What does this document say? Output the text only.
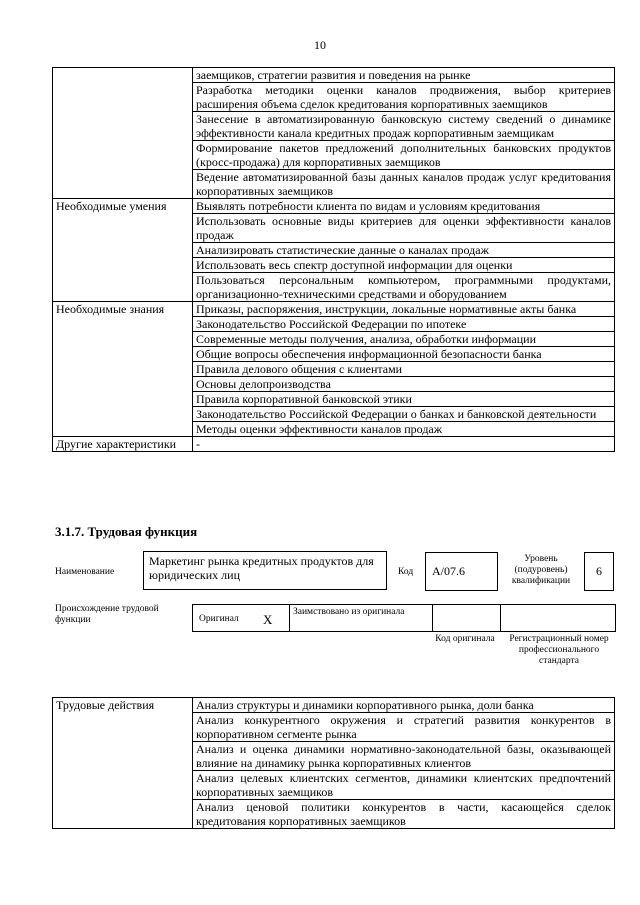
10
	заемщиков, стратегии развития и поведения на рынке
	Разработка методики оценки каналов продвижения, выбор критериев расширения объема сделок кредитования корпоративных заемщиков
	Занесение в автоматизированную банковскую систему сведений о динамике эффективности канала кредитных продаж корпоративным заемщикам
	Формирование пакетов предложений дополнительных банковских продуктов (кросс-продажа) для корпоративных заемщиков
	Ведение автоматизированной базы данных каналов продаж услуг кредитования корпоративных заемщиков
Необходимые умения	Выявлять потребности клиента по видам и условиям кредитования
	Использовать основные виды критериев для оценки эффективности каналов продаж
	Анализировать статистические данные о каналах продаж
	Использовать весь спектр доступной информации для оценки
	Пользоваться персональным компьютером, программными продуктами, организационно-техническими средствами и оборудованием
Необходимые знания	Приказы, распоряжения, инструкции, локальные нормативные акты банка
	Законодательство Российской Федерации по ипотеке
	Современные методы получения, анализа, обработки информации
	Общие вопросы обеспечения информационной безопасности банка
	Правила делового общения с клиентами
	Основы делопроизводства
	Правила корпоративной банковской этики
	Законодательство Российской Федерации о банках и банковской деятельности
	Методы оценки эффективности каналов продаж
Другие характеристики	-
3.1.7. Трудовая функция
Наименование
Маркетинг рынка кредитных продуктов для юридических лиц	Код	A/07.6
Уровень (подуровень) квалификации
6
Происхождение трудовой функции	Оригинал X Заимствовано из оригинала
Код оригинала	Регистрационный номер профессионального стандарта
Трудовые действия	Анализ структуры и динамики корпоративного рынка, доли банка
Анализ конкурентного окружения и стратегий развития конкурентов в корпоративном сегменте рынка
Анализ и оценка динамики нормативно-законодательной базы, оказывающей влияние на динамику рынка корпоративных клиентов
Анализ целевых клиентских сегментов, динамики клиентских предпочтений корпоративных заемщиков
Анализ ценовой политики конкурентов в части, касающейся сделок кредитования корпоративных заемщиков
